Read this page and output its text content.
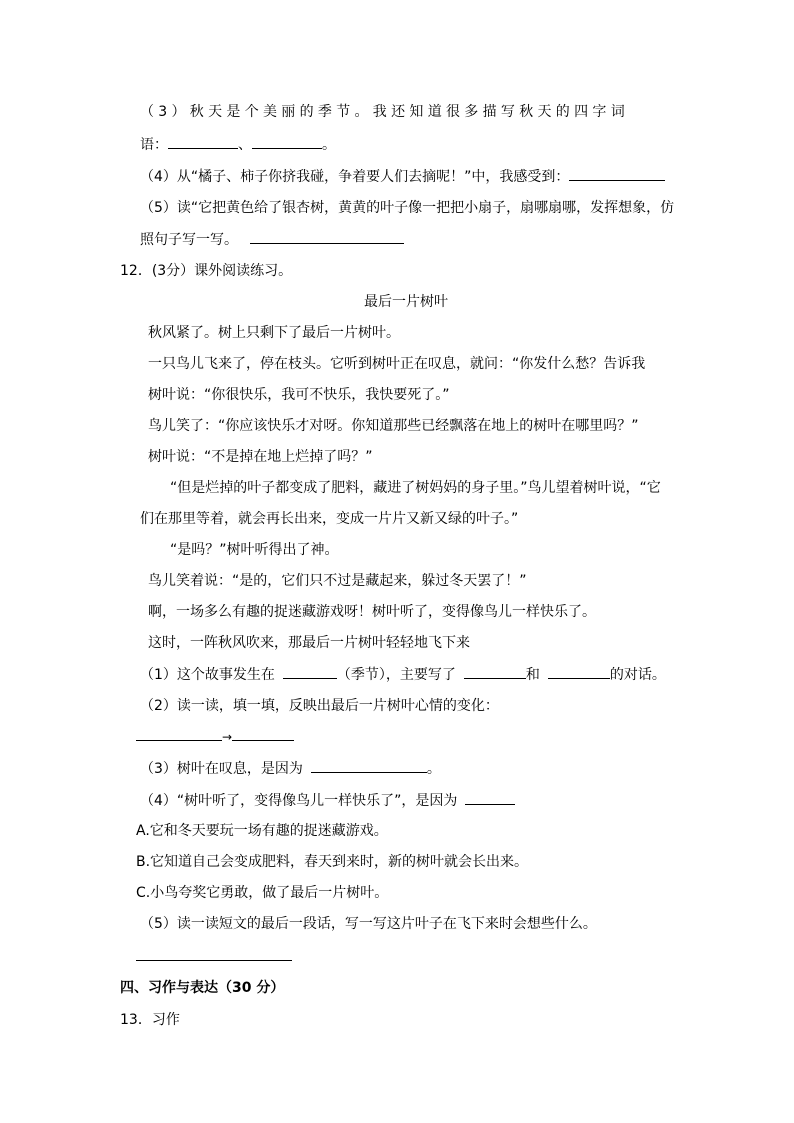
（3）秋天是个美丽的季节。我还知道很多描写秋天的四字词
语：	、	。
（4）从“橘子、柿子你挤我碰，争着要人们去摘呢！”中，我感受到：
（5）读“它把黄色给了银杏树，黄黄的叶子像一把把小扇子，扇哪扇哪，发挥想象，仿
照句子写一写。
12．(3分）课外阅读练习。
最后一片树叶
秋风紧了。树上只剩下了最后一片树叶。
一只鸟儿飞来了，停在枝头。它听到树叶正在叹息，就问：“你发什么愁？告诉我
树叶说：“你很快乐，我可不快乐，我快要死了。”
鸟儿笑了：“你应该快乐才对呀。你知道那些已经飘落在地上的树叶在哪里吗？”
树叶说：“不是掉在地上烂掉了吗？”
“但是烂掉的叶子都变成了肥料，藏进了树妈妈的身子里。”鸟儿望着树叶说，“它
们在那里等着，就会再长出来，变成一片片又新又绿的叶子。”
“是吗？”树叶听得出了神。
鸟儿笑着说：“是的，它们只不过是藏起来，躲过冬天罢了！”
啊，一场多么有趣的捉迷藏游戏呀！树叶听了，变得像鸟儿一样快乐了。
这时，一阵秋风吹来，那最后一片树叶轻轻地飞下来
（1）这个故事发生在	（季节），主要写了	和	的对话。
（2）读一读，填一填，反映出最后一片树叶心情的变化：
→
（3）树叶在叹息，是因为	。
（4）“树叶听了，变得像鸟儿一样快乐了”，是因为
A.它和冬天要玩一场有趣的捉迷藏游戏。
B.它知道自己会变成肥料，春天到来时，新的树叶就会长出来。
C.小鸟夸奖它勇敢，做了最后一片树叶。
（5）读一读短文的最后一段话，写一写这片叶子在飞下来时会想些什么。
四、习作与表达（30 分）
13．习作
